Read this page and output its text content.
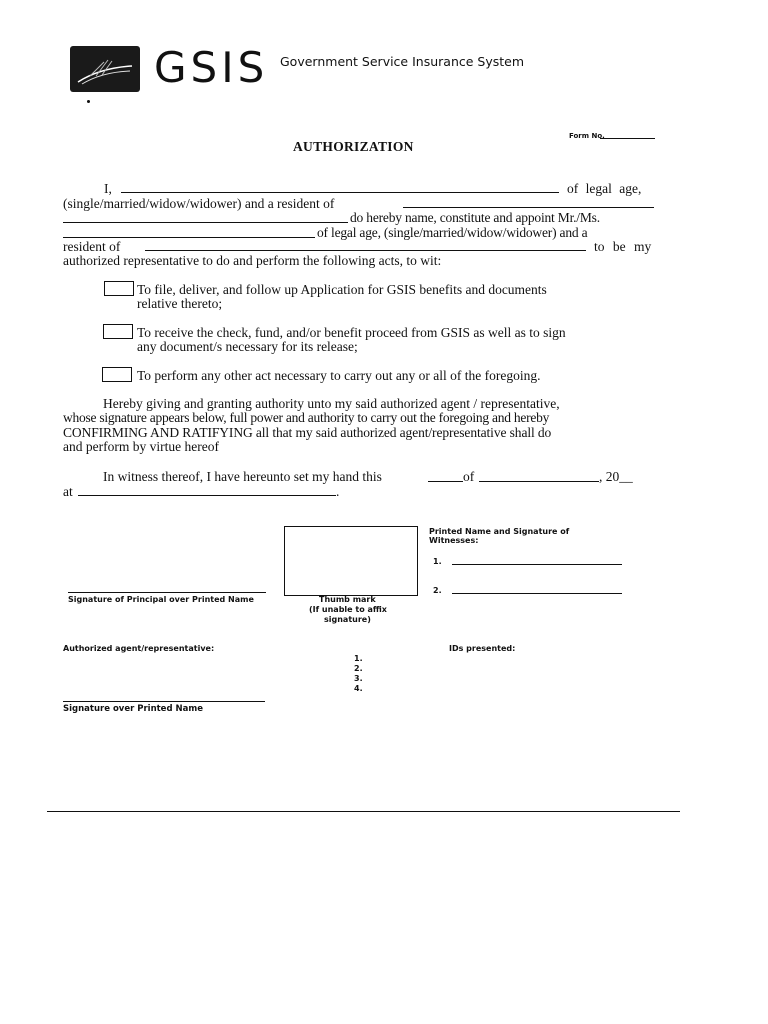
GSIS Government Service Insurance System
Form No.
AUTHORIZATION
I,	of legal age,
(single/married/widow/widower) and a resident of
do hereby name, constitute and appoint Mr./Ms.
of legal age, (single/married/widow/widower) and a
resident of	to be my
authorized representative to do and perform the following acts, to wit:
To file, deliver, and follow up Application for GSIS benefits and documents
relative thereto;
To receive the check, fund, and/or benefit proceed from GSIS as well as to sign
any document/s necessary for its release;
To perform any other act necessary to carry out any or all of the foregoing.
Hereby giving and granting authority unto my said authorized agent / representative,
whose signature appears below, full power and authority to carry out the foregoing and hereby
CONFIRMING AND RATIFYING all that my said authorized agent/representative shall do
and perform by virtue hereof
In witness thereof, I have hereunto set my hand this	of	, 20__
at	.
Thumb mark
(If unable to affix
signature)
Printed Name and Signature of
Witnesses:
1.
2.
Signature of Principal over Printed Name
Authorized agent/representative:	IDs presented:
1.
2.
3.
4.
Signature over Printed Name
